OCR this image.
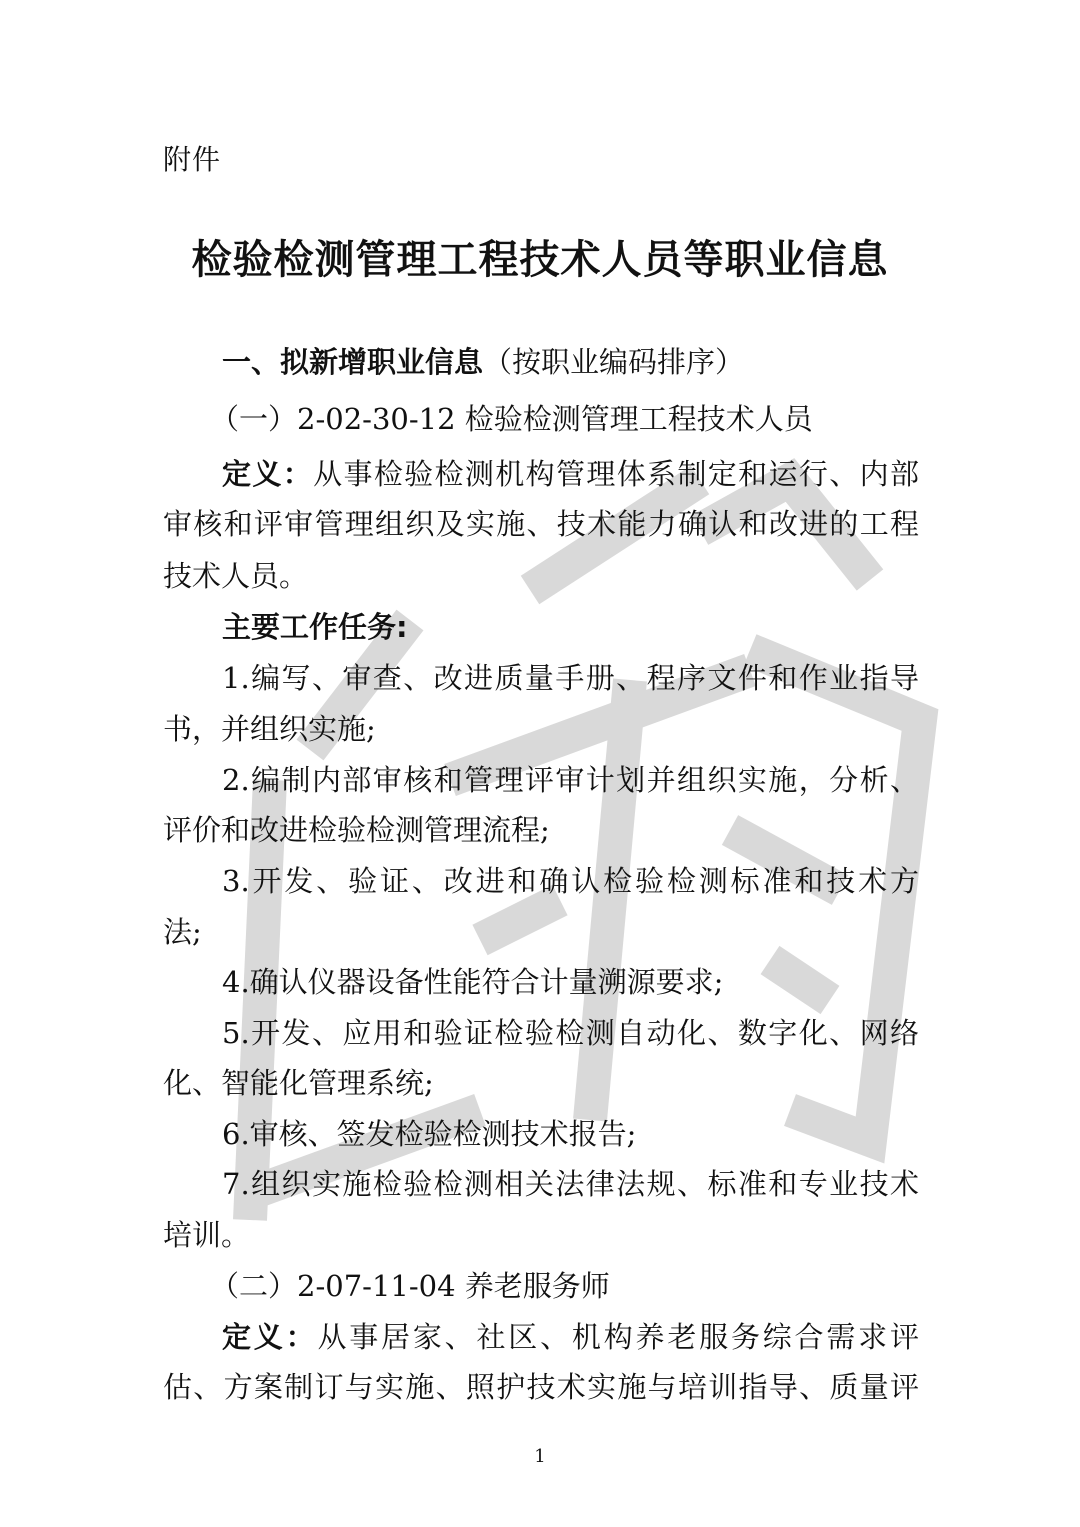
附件
检验检测管理工程技术人员等职业信息
一、拟新增职业信息（按职业编码排序）
（一）2-02-30-12 检验检测管理工程技术人员
定义：从事检验检测机构管理体系制定和运行、内部
审核和评审管理组织及实施、技术能力确认和改进的工程
技术人员。
主要工作任务:
1.编写、审查、改进质量手册、程序文件和作业指导
书，并组织实施;
2.编制内部审核和管理评审计划并组织实施，分析、
评价和改进检验检测管理流程;
3.开发、验证、改进和确认检验检测标准和技术方
法;
4.确认仪器设备性能符合计量溯源要求;
5.开发、应用和验证检验检测自动化、数字化、网络
化、智能化管理系统;
6.审核、签发检验检测技术报告;
7.组织实施检验检测相关法律法规、标准和专业技术
培训。
（二）2-07-11-04 养老服务师
定义：从事居家、社区、机构养老服务综合需求评
估、方案制订与实施、照护技术实施与培训指导、质量评
1
